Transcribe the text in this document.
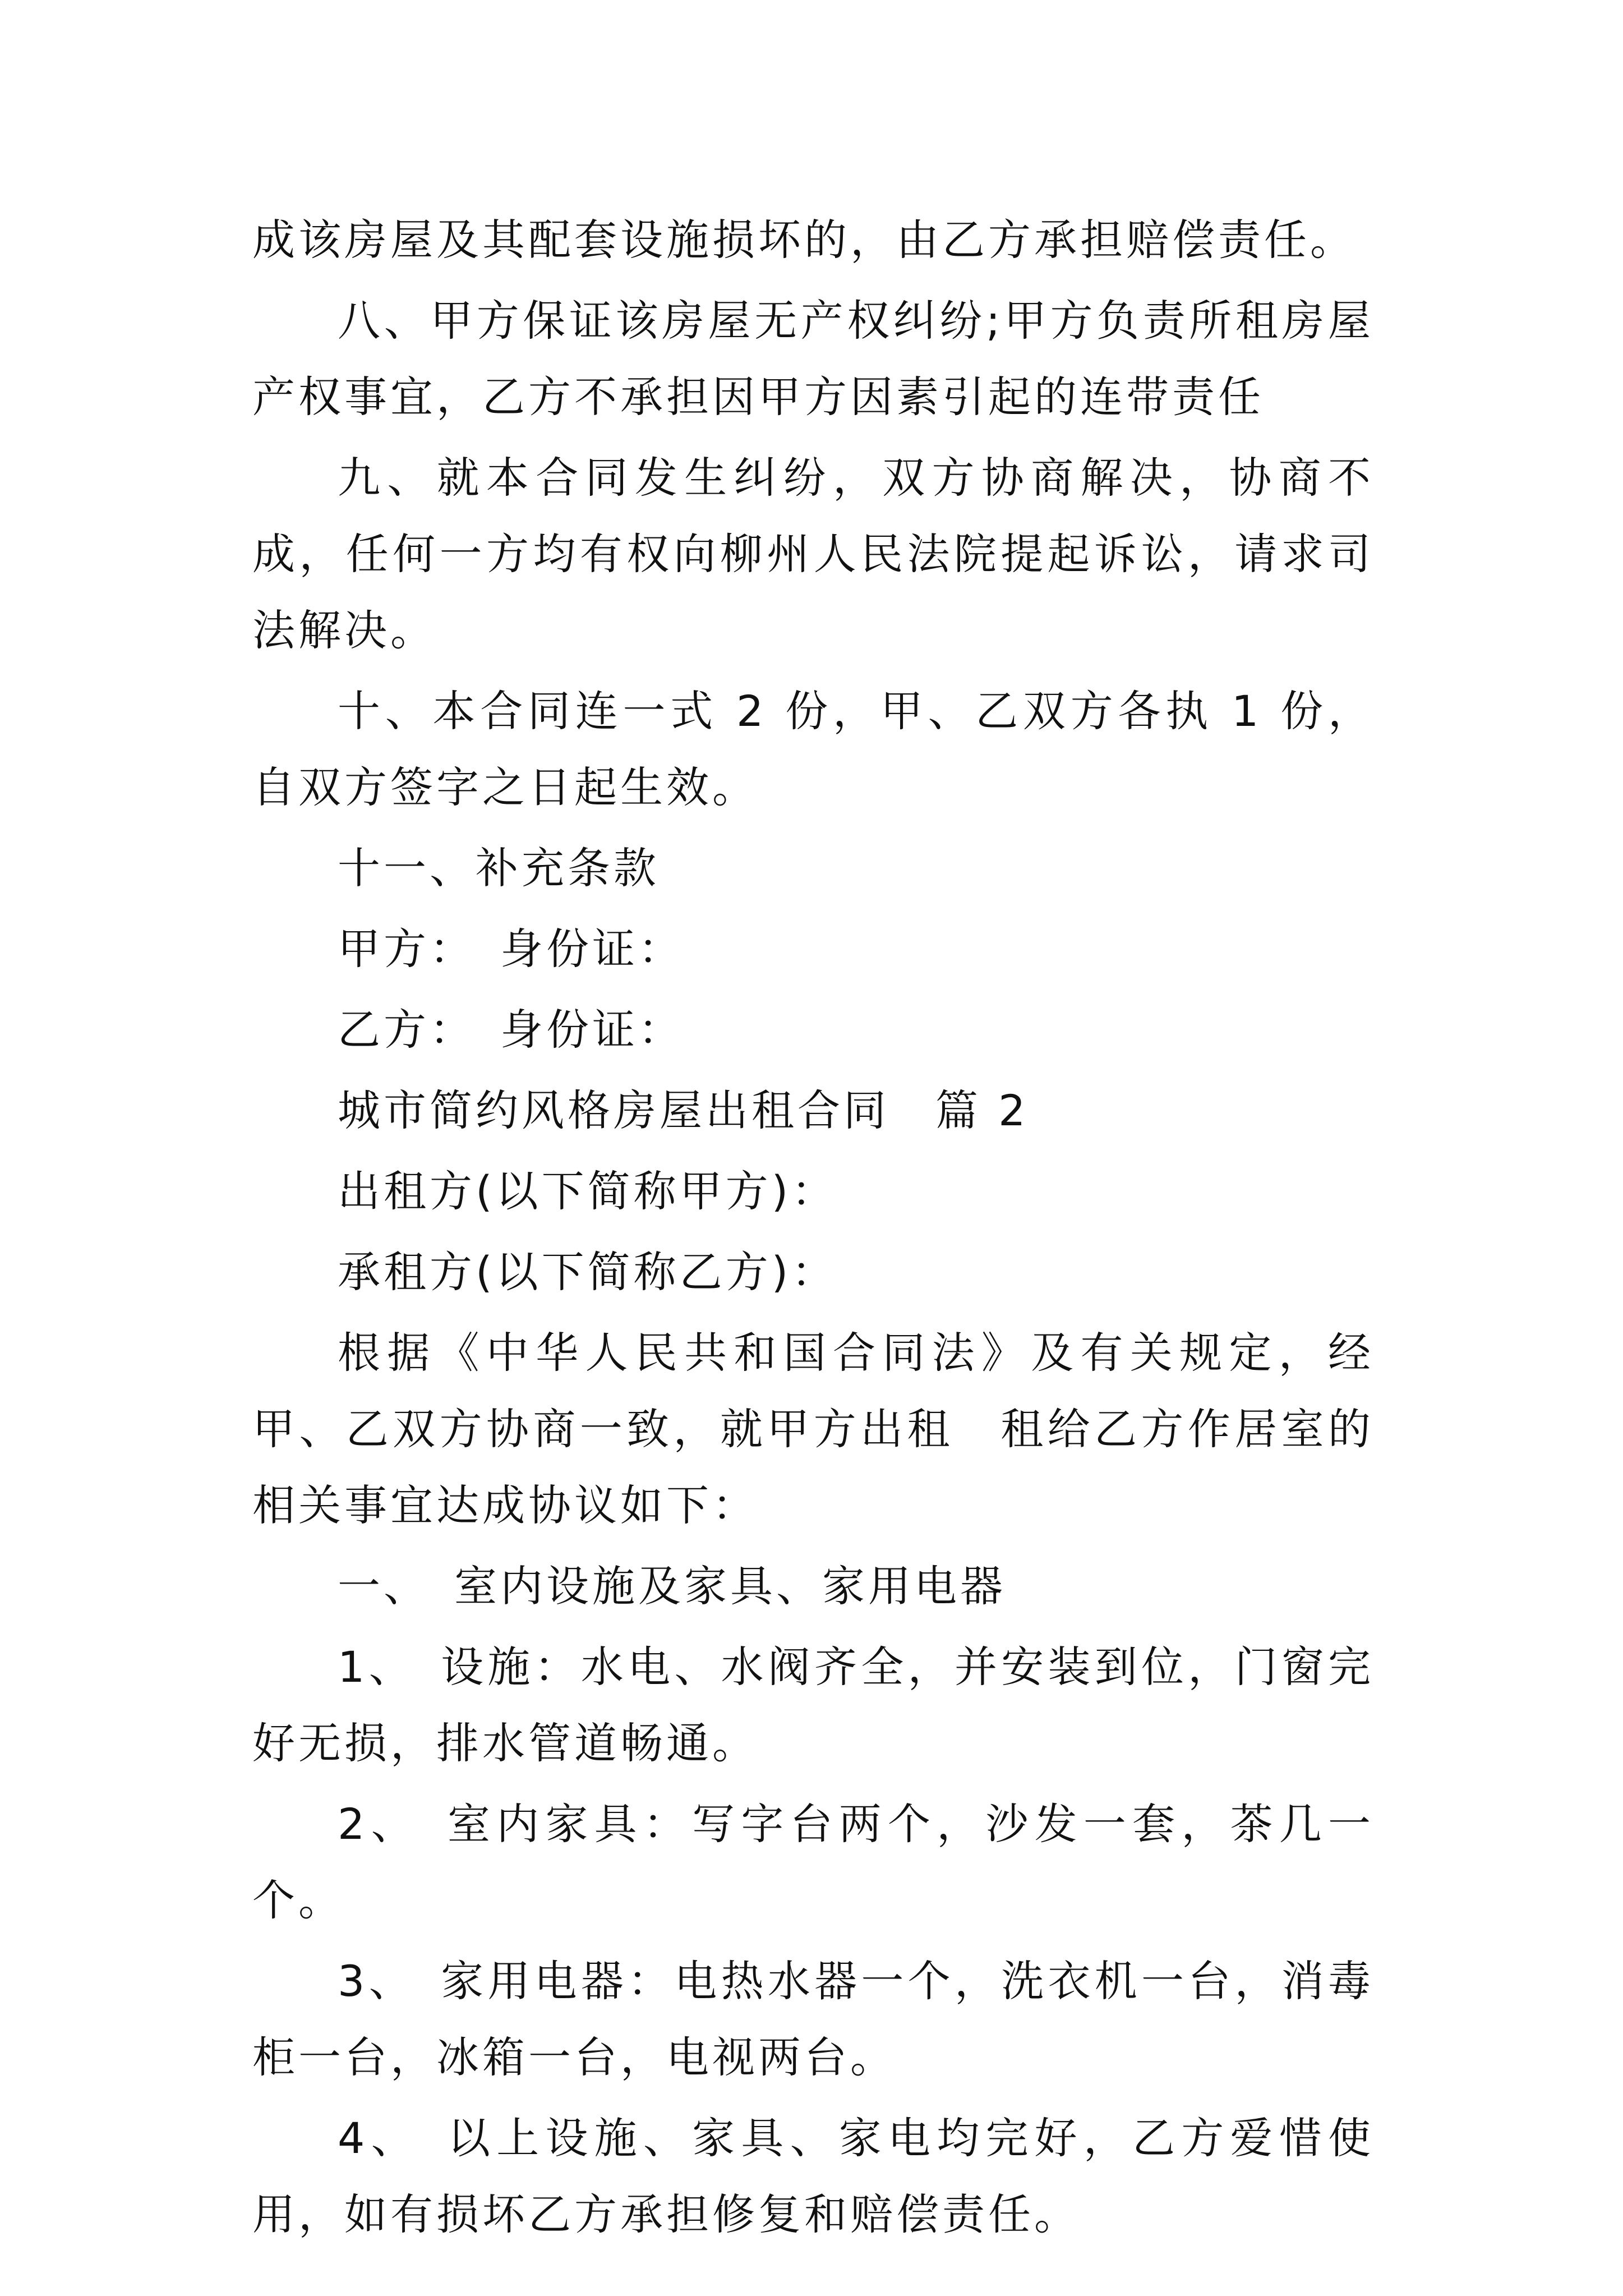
成该房屋及其配套设施损坏的，由乙方承担赔偿责任。

八、甲方保证该房屋无产权纠纷;甲方负责所租房屋产权事宜，乙方不承担因甲方因素引起的连带责任

九、就本合同发生纠纷，双方协商解决，协商不成，任何一方均有权向柳州人民法院提起诉讼，请求司法解决。

十、本合同连一式 2 份，甲、乙双方各执 1 份，自双方签字之日起生效。

十一、补充条款

甲方：　身份证：

乙方：　身份证：

城市简约风格房屋出租合同　篇 2

出租方(以下简称甲方)：

承租方(以下简称乙方)：

根据《中华人民共和国合同法》及有关规定，经甲、乙双方协商一致，就甲方出租　租给乙方作居室的相关事宜达成协议如下：

一、　室内设施及家具、家用电器

1、　设施：水电、水阀齐全，并安装到位，门窗完好无损，排水管道畅通。

2、　室内家具：写字台两个，沙发一套，茶几一个。

3、　家用电器：电热水器一个，洗衣机一台，消毒柜一台，冰箱一台，电视两台。

4、　以上设施、家具、家电均完好，乙方爱惜使用，如有损坏乙方承担修复和赔偿责任。
